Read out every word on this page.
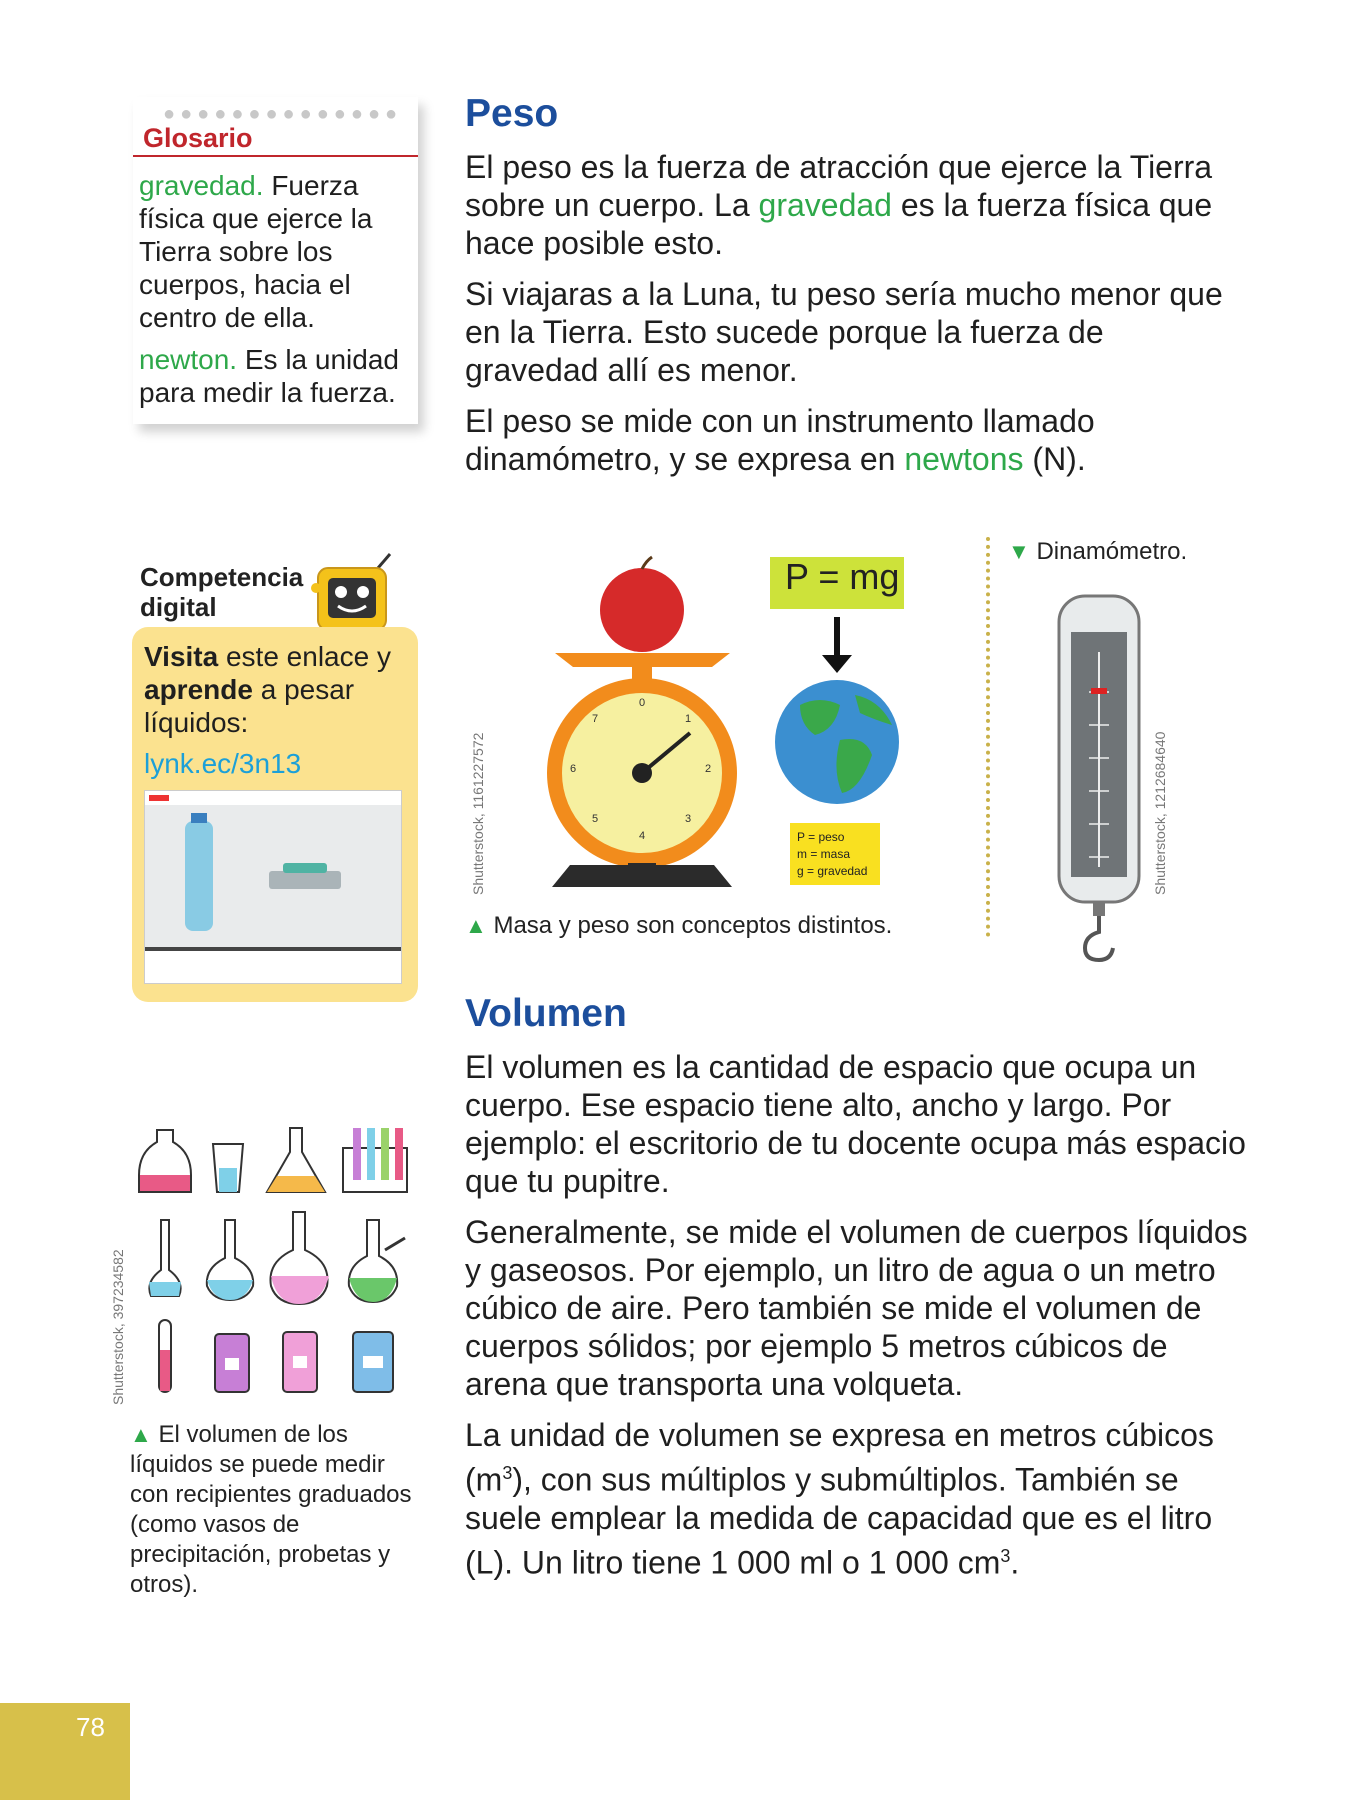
●●●●●●●●●●●●●●
Glosario

gravedad. Fuerza física que ejerce la Tierra sobre los cuerpos, hacia el centro de ella.

newton. Es la unidad para medir la fuerza.

Peso

El peso es la fuerza de atracción que ejerce la Tierra sobre un cuerpo. La gravedad es la fuerza física que hace posible esto.

Si viajaras a la Luna, tu peso sería mucho menor que en la Tierra. Esto sucede porque la fuerza de gravedad allí es menor.

El peso se mide con un instrumento llamado dinamómetro, y se expresa en newtons (N).

Competencia
digital
Visita este enlace y aprende a pesar líquidos:
lynk.ec/3n13	Shutterstock, 1161227572
P = mg
P = peso
m = masa
g = gravedad
0
1
2
3
4
5
6
7
▲ Masa y peso son conceptos distintos.
▼ Dinamómetro.
Shutterstock, 1212684640
Volumen

El volumen es la cantidad de espacio que ocupa un cuerpo. Ese espacio tiene alto, ancho y largo. Por ejemplo: el escritorio de tu docente ocupa más espacio que tu pupitre.

Generalmente, se mide el volumen de cuerpos líquidos y gaseosos. Por ejemplo, un litro de agua o un metro cúbico de aire. Pero también se mide el volumen de cuerpos sólidos; por ejemplo 5 metros cúbicos de arena que transporta una volqueta.

La unidad de volumen se expresa en metros cúbicos $(m^3)$, con sus múltiplos y submúltiplos. También se suele emplear la medida de capacidad que es el litro (L). Un litro tiene 1 000 ml o 1 000 $cm^3$.

Shutterstock, 397234582
▲ El volumen de los líquidos se puede medir con recipientes graduados (como vasos de precipitación, probetas y otros).
78
